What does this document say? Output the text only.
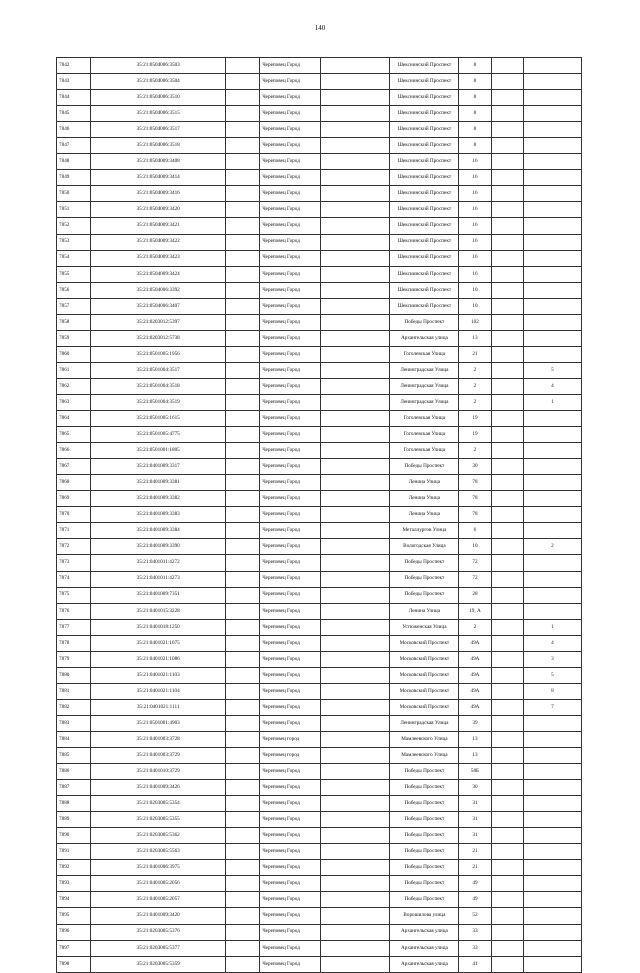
140
7842	35:21:0504006:3503		Череповец Город		Шекснинский Проспект	8		
7843	35:21:0504006:3504		Череповец Город		Шекснинский Проспект	8		
7844	35:21:0504006:3510		Череповец Город		Шекснинский Проспект	8		
7845	35:21:0504006:3515		Череповец Город		Шекснинский Проспект	8		
7846	35:21:0504006:3517		Череповец Город		Шекснинский Проспект	8		
7847	35:21:0504006:3518		Череповец Город		Шекснинский Проспект	8		
7848	35:21:0504009:3408		Череповец Город		Шекснинский Проспект	16		
7849	35:21:0504009:3414		Череповец Город		Шекснинский Проспект	16		
7850	35:21:0504009:3416		Череповец Город		Шекснинский Проспект	16		
7851	35:21:0504009:3420		Череповец Город		Шекснинский Проспект	16		
7852	35:21:0504009:3421		Череповец Город		Шекснинский Проспект	16		
7853	35:21:0504009:3422		Череповец Город		Шекснинский Проспект	16		
7854	35:21:0504009:3423		Череповец Город		Шекснинский Проспект	16		
7855	35:21:0504009:3424		Череповец Город		Шекснинский Проспект	16		
7856	35:21:0504006:3392		Череповец Город		Шекснинский Проспект	10		
7857	35:21:0504006:3407		Череповец Город		Шекснинский Проспект	10		
7858	35:21:0203012:5397		Череповец Город		Победы Проспект	102		
7859	35:21:0203012:5738		Череповец Город		Архангельская улица	13		
7860	35:21:0501005:1956		Череповец Город		Гоголевская Улица	21		
7861	35:21:0501004:3517		Череповец Город		Ленинградская Улица	2		5
7862	35:21:0501004:3518		Череповец Город		Ленинградская Улица	2		4
7863	35:21:0501004:3519		Череповец Город		Ленинградская Улица	2		1
7864	35:21:0501005:1615		Череповец Город		Гоголевская Улица	19		
7865	35:21:0501005:4775		Череповец Город		Гоголевская Улица	19		
7866	35:21:0501001:1805		Череповец Город		Гоголевская Улица	2		
7867	35:21:0401009:3317		Череповец Город		Победы Проспект	30		
7868	35:21:0401009:3381		Череповец Город		Ленина Улица	78		
7869	35:21:0401009:3382		Череповец Город		Ленина Улица	78		
7870	35:21:0401009:3383		Череповец Город		Ленина Улица	78		
7871	35:21:0401009:3384		Череповец Город		Металлургов Улица	6		
7872	35:21:0401009:3390		Череповец Город		Вологодская Улица	10		2
7873	35:21:0401011:4272		Череповец Город		Победы Проспект	72		
7874	35:21:0401011:4273		Череповец Город		Победы Проспект	72		
7875	35:21:0401009:7351		Череповец Город		Победы Проспект	28		
7876	35:21:0401015:3228		Череповец Город		Ленина Улица	19, А		
7877	35:21:0401018:1250		Череповец Город		Устюженская Улица	2		1
7878	35:21:0401021:1075		Череповец Город		Московский Проспект	49А		4
7879	35:21:0401021:1086		Череповец Город		Московский Проспект	49А		3
7880	35:21:0401021:1103		Череповец Город		Московский Проспект	49А		5
7881	35:21:0401021:1104		Череповец Город		Московский Проспект	49А		8
7882	35:21:0401021:1111		Череповец Город		Московский Проспект	49А		7
7883	35:21:0501001:4903		Череповец Город		Ленинградская Улица	39		
7884	35:21:0401003:3728		Череповец город		Мамлеевского Улица	13		
7885	35:21:0401003:3729		Череповец город		Мамлеевского Улица	13		
7886	35:21:0401010:3729		Череповец Город		Победы Проспект	58Б		
7887	35:21:0401009:3426		Череповец Город		Победы Проспект	30		
7888	35:21:0203005:5354		Череповец Город		Победы Проспект	31		
7889	35:21:0203005:5355		Череповец Город		Победы Проспект	31		
7890	35:21:0203005:5362		Череповец Город		Победы Проспект	31		
7891	35:21:0203005:5563		Череповец Город		Победы Проспект	21		
7892	35:21:0401006:3975		Череповец Город		Победы Проспект	21		
7893	35:21:0401005:2056		Череповец Город		Победы Проспект	49		
7894	35:21:0401005:2057		Череповец Город		Победы Проспект	49		
7895	35:21:0401009:3420		Череповец Город		Ворошилова улица	52		
7896	35:21:0203005:5376		Череповец Город		Архангельская улица	33		
7897	35:21:0203005:5377		Череповец Город		Архангельская улица	33		
7898	35:21:0203005:5359		Череповец Город		Архангельская улица	41		
